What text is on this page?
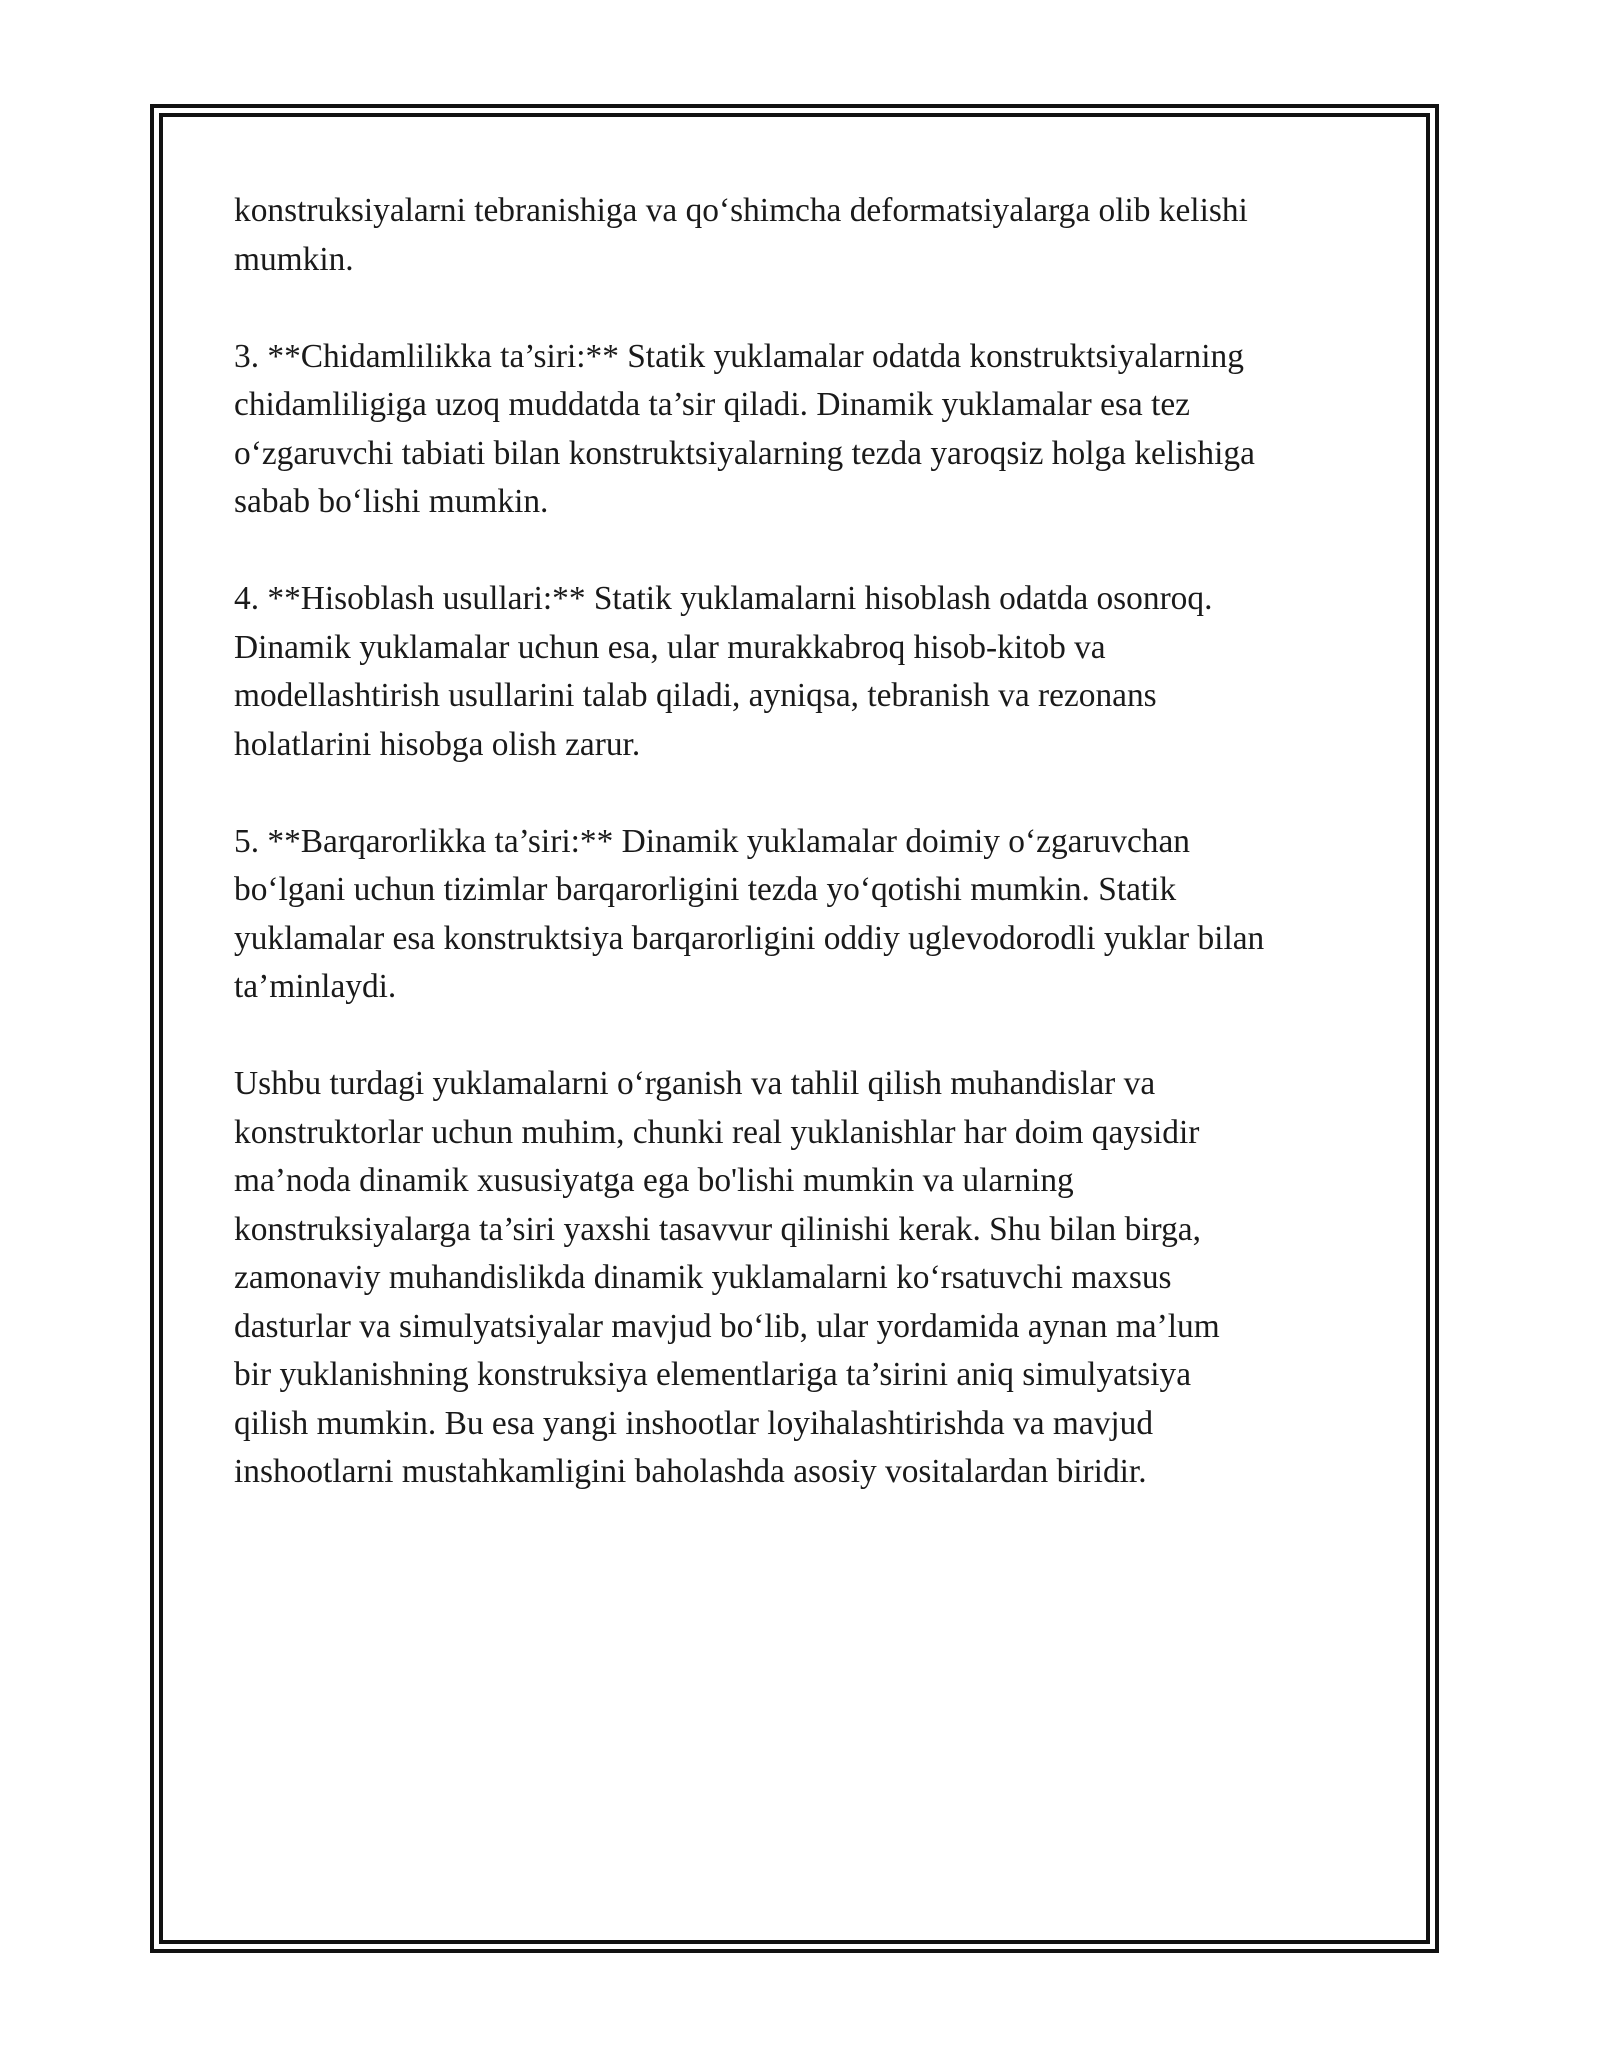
konstruksiyalarni tebranishiga va qo‘shimcha deformatsiyalarga olib kelishi
mumkin.

3. **Chidamlilikka ta’siri:** Statik yuklamalar odatda konstruktsiyalarning
chidamliligiga uzoq muddatda ta’sir qiladi. Dinamik yuklamalar esa tez
o‘zgaruvchi tabiati bilan konstruktsiyalarning tezda yaroqsiz holga kelishiga
sabab bo‘lishi mumkin.

4. **Hisoblash usullari:** Statik yuklamalarni hisoblash odatda osonroq.
Dinamik yuklamalar uchun esa, ular murakkabroq hisob-kitob va
modellashtirish usullarini talab qiladi, ayniqsa, tebranish va rezonans
holatlarini hisobga olish zarur.

5. **Barqarorlikka ta’siri:** Dinamik yuklamalar doimiy o‘zgaruvchan
bo‘lgani uchun tizimlar barqarorligini tezda yo‘qotishi mumkin. Statik
yuklamalar esa konstruktsiya barqarorligini oddiy uglevodorodli yuklar bilan
ta’minlaydi.

Ushbu turdagi yuklamalarni o‘rganish va tahlil qilish muhandislar va
konstruktorlar uchun muhim, chunki real yuklanishlar har doim qaysidir
ma’noda dinamik xususiyatga ega bo'lishi mumkin va ularning
konstruksiyalarga ta’siri yaxshi tasavvur qilinishi kerak. Shu bilan birga,
zamonaviy muhandislikda dinamik yuklamalarni ko‘rsatuvchi maxsus
dasturlar va simulyatsiyalar mavjud bo‘lib, ular yordamida aynan ma’lum
bir yuklanishning konstruksiya elementlariga ta’sirini aniq simulyatsiya
qilish mumkin. Bu esa yangi inshootlar loyihalashtirishda va mavjud
inshootlarni mustahkamligini baholashda asosiy vositalardan biridir.
